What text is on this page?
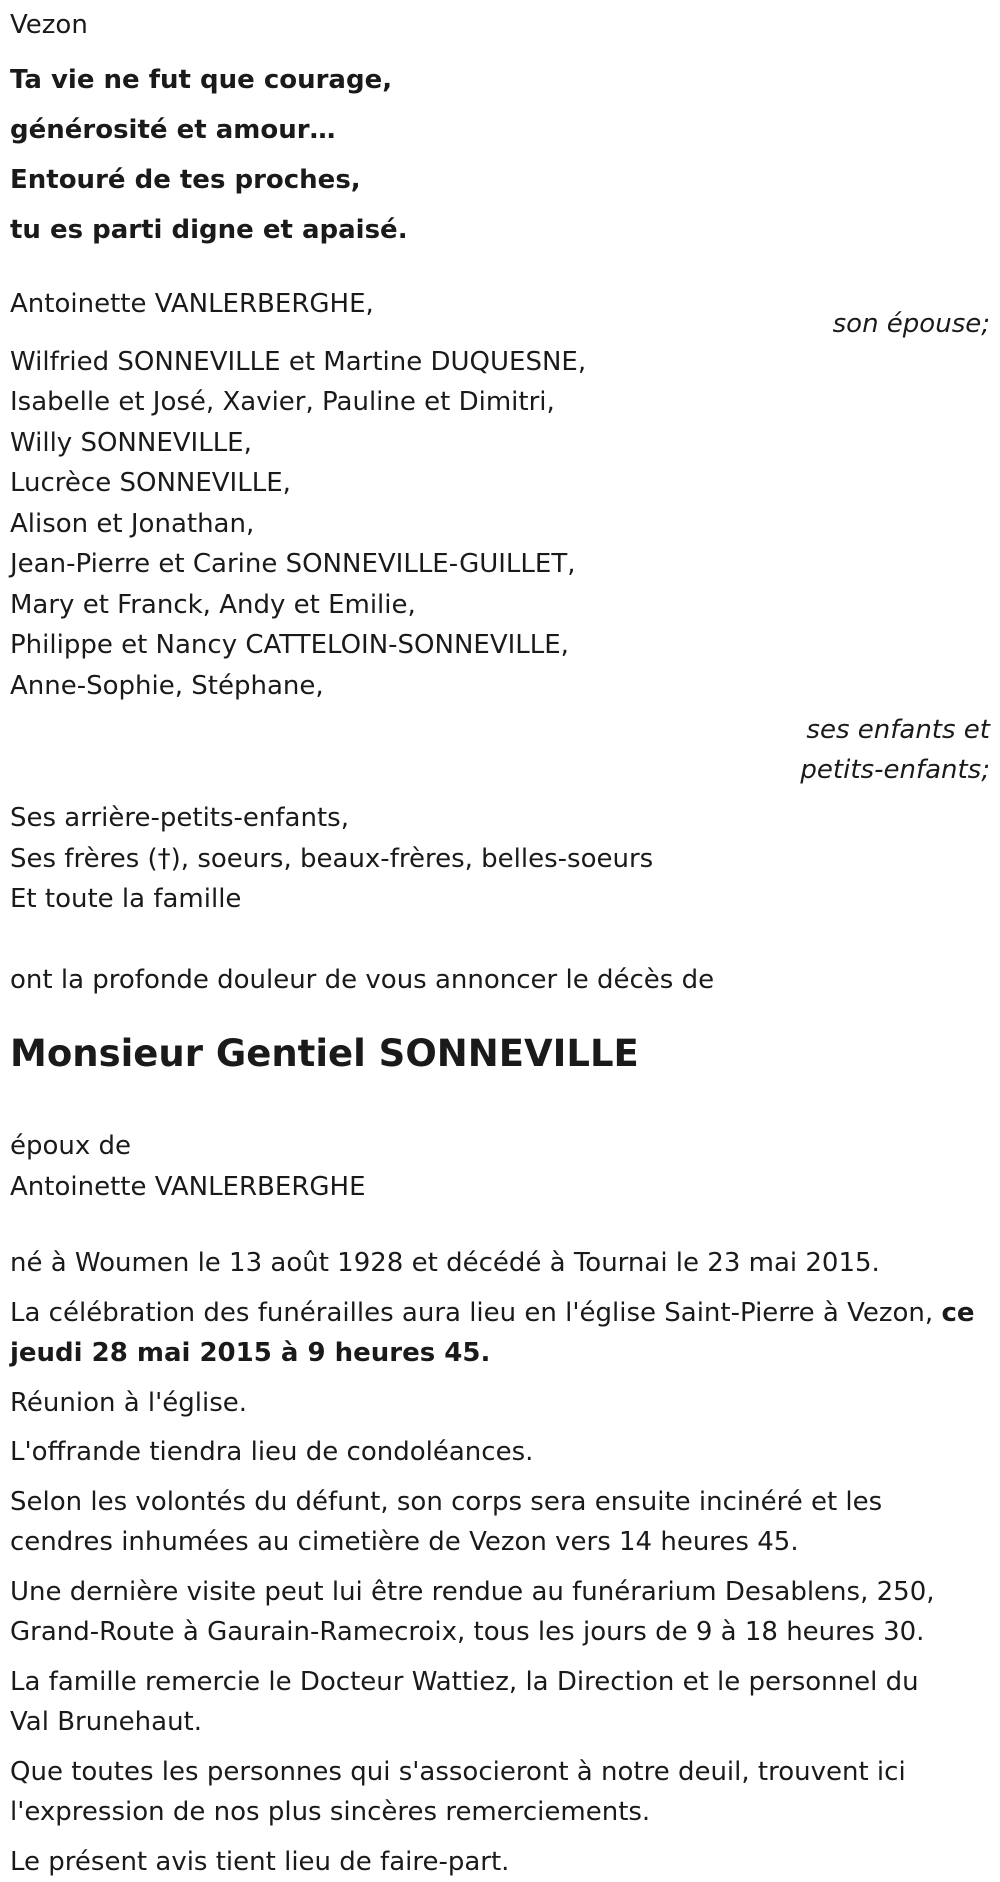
Vezon
Ta vie ne fut que courage,
générosité et amour…
Entouré de tes proches,
tu es parti digne et apaisé.
Antoinette VANLERBERGHE,
son épouse;
Wilfried SONNEVILLE et Martine DUQUESNE,
Isabelle et José, Xavier, Pauline et Dimitri,
Willy SONNEVILLE,
Lucrèce SONNEVILLE,
Alison et Jonathan,
Jean-Pierre et Carine SONNEVILLE-GUILLET,
Mary et Franck, Andy et Emilie,
Philippe et Nancy CATTELOIN-SONNEVILLE,
Anne-Sophie, Stéphane,
ses enfants et
petits-enfants;
Ses arrière-petits-enfants,
Ses frères (†), soeurs, beaux-frères, belles-soeurs
Et toute la famille
ont la profonde douleur de vous annoncer le décès de
Monsieur Gentiel SONNEVILLE
époux de
Antoinette VANLERBERGHE
né à Woumen le 13 août 1928 et décédé à Tournai le 23 mai 2015.
La célébration des funérailles aura lieu en l'église Saint-Pierre à Vezon, ce
jeudi 28 mai 2015 à 9 heures 45.
Réunion à l'église.
L'offrande tiendra lieu de condoléances.
Selon les volontés du défunt, son corps sera ensuite incinéré et les
cendres inhumées au cimetière de Vezon vers 14 heures 45.
Une dernière visite peut lui être rendue au funérarium Desablens, 250,
Grand-Route à Gaurain-Ramecroix, tous les jours de 9 à 18 heures 30.
La famille remercie le Docteur Wattiez, la Direction et le personnel du
Val Brunehaut.
Que toutes les personnes qui s'associeront à notre deuil, trouvent ici
l'expression de nos plus sincères remerciements.
Le présent avis tient lieu de faire-part.
